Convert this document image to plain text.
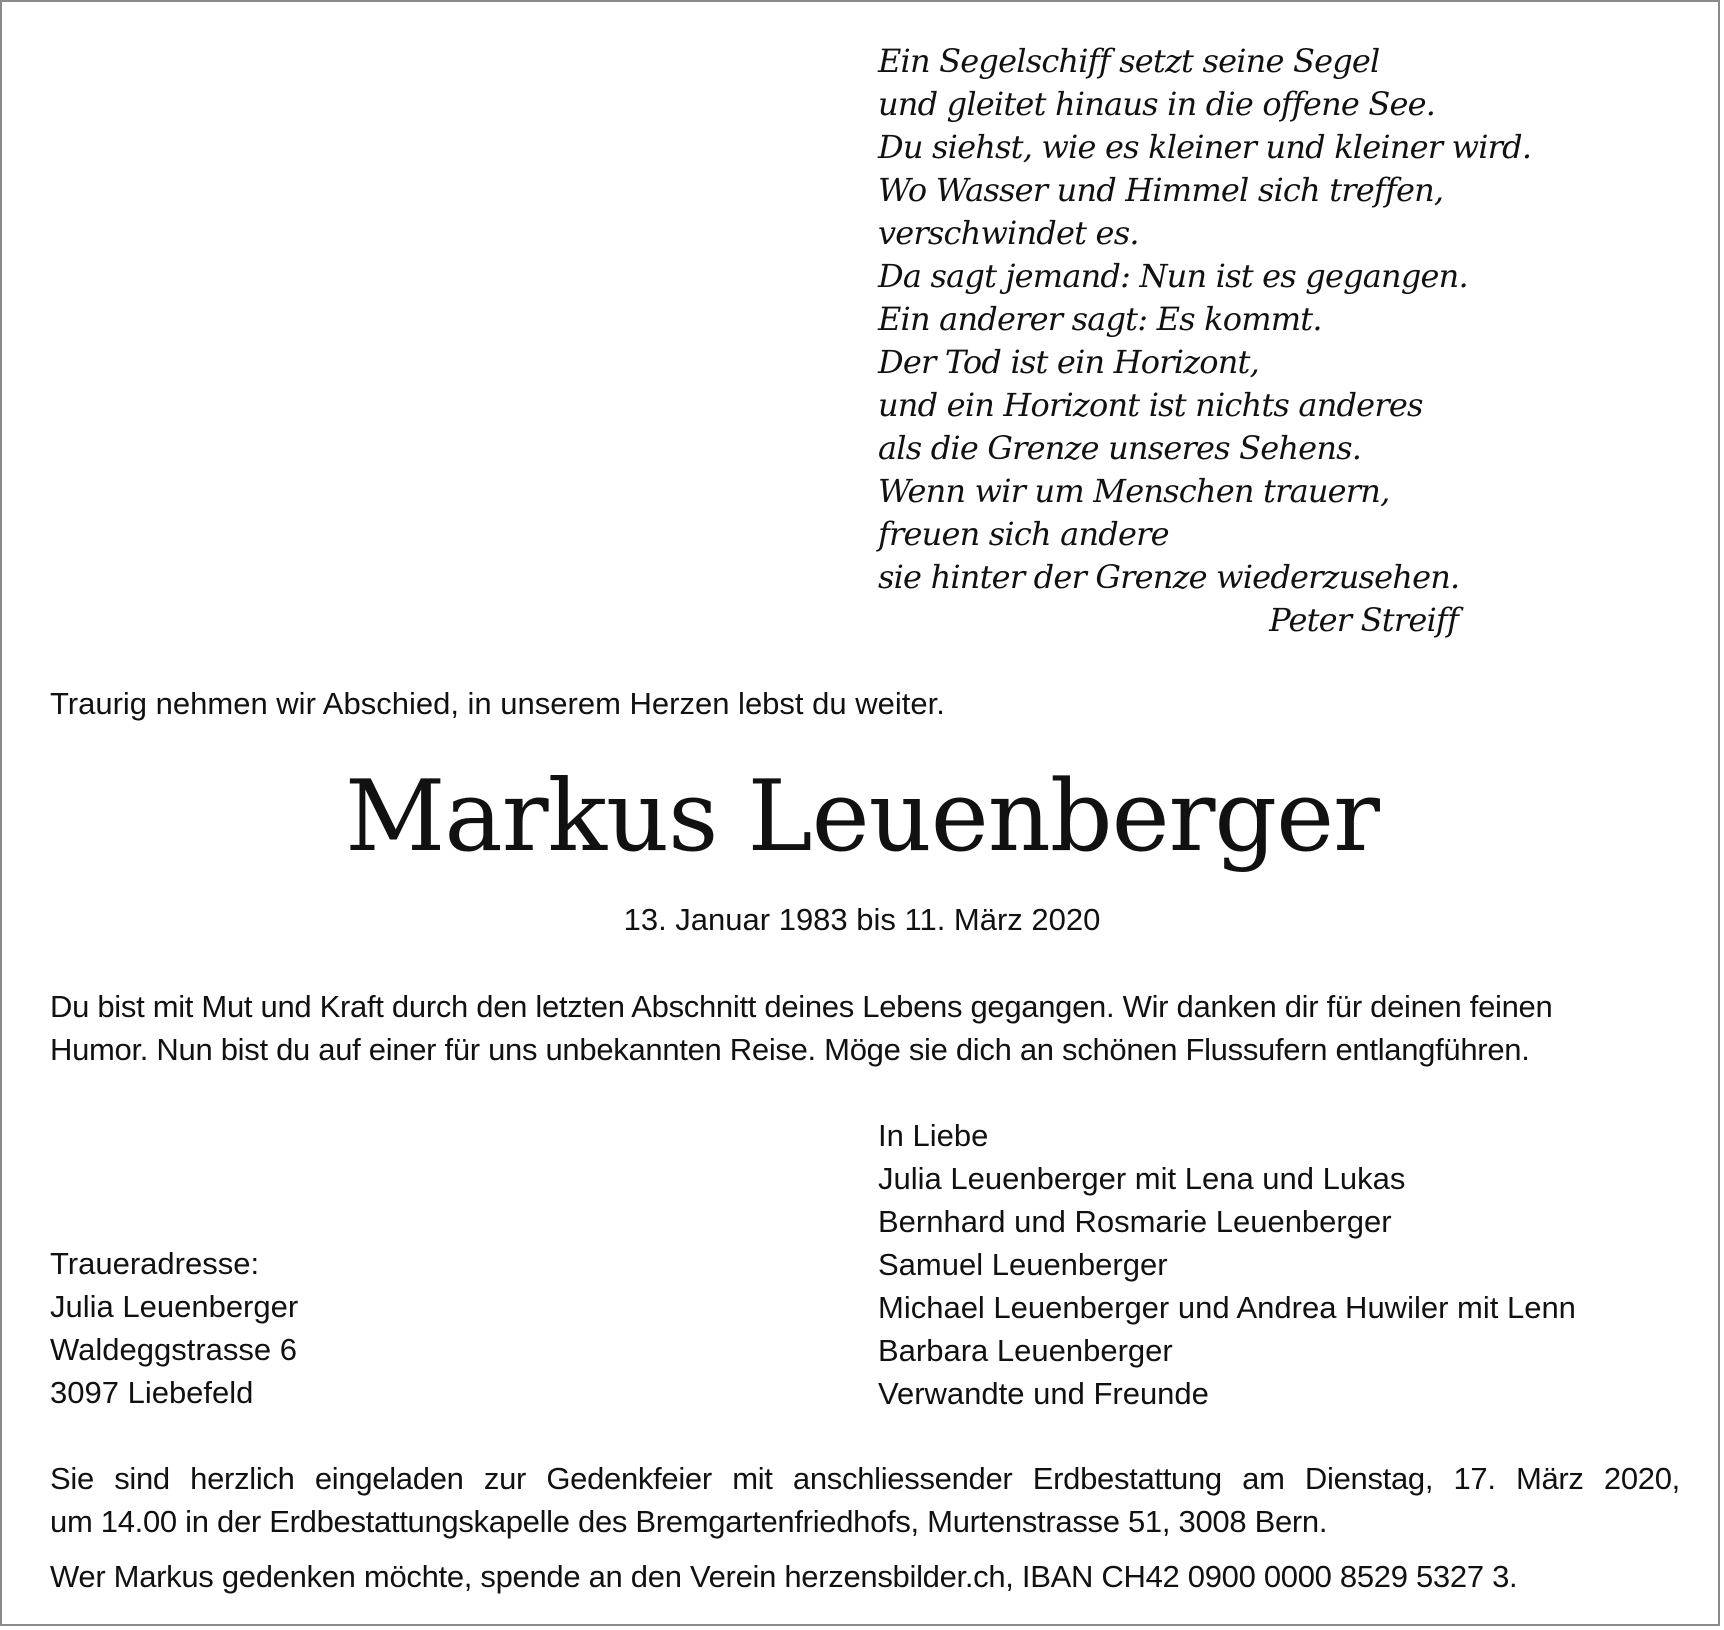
Ein Segelschiff setzt seine Segel
und gleitet hinaus in die offene See.
Du siehst, wie es kleiner und kleiner wird.
Wo Wasser und Himmel sich treffen,
verschwindet es.
Da sagt jemand: Nun ist es gegangen.
Ein anderer sagt: Es kommt.
Der Tod ist ein Horizont,
und ein Horizont ist nichts anderes
als die Grenze unseres Sehens.
Wenn wir um Menschen trauern,
freuen sich andere
sie hinter der Grenze wiederzusehen.
Peter Streiff
Traurig nehmen wir Abschied, in unserem Herzen lebst du weiter.
Markus Leuenberger
13. Januar 1983 bis 11. März 2020
Du bist mit Mut und Kraft durch den letzten Abschnitt deines Lebens gegangen. Wir danken dir für deinen feinen
Humor. Nun bist du auf einer für uns unbekannten Reise. Möge sie dich an schönen Flussufern entlangführen.
Traueradresse:
Julia Leuenberger
Waldeggstrasse 6
3097 Liebefeld
In Liebe
Julia Leuenberger mit Lena und Lukas
Bernhard und Rosmarie Leuenberger
Samuel Leuenberger
Michael Leuenberger und Andrea Huwiler mit Lenn
Barbara Leuenberger
Verwandte und Freunde
Sie sind herzlich eingeladen zur Gedenkfeier mit anschliessender Erdbestattung am Dienstag, 17. März 2020,
um 14.00 in der Erdbestattungskapelle des Bremgartenfriedhofs, Murtenstrasse 51, 3008 Bern.
Wer Markus gedenken möchte, spende an den Verein herzensbilder.ch, IBAN CH42 0900 0000 8529 5327 3.
